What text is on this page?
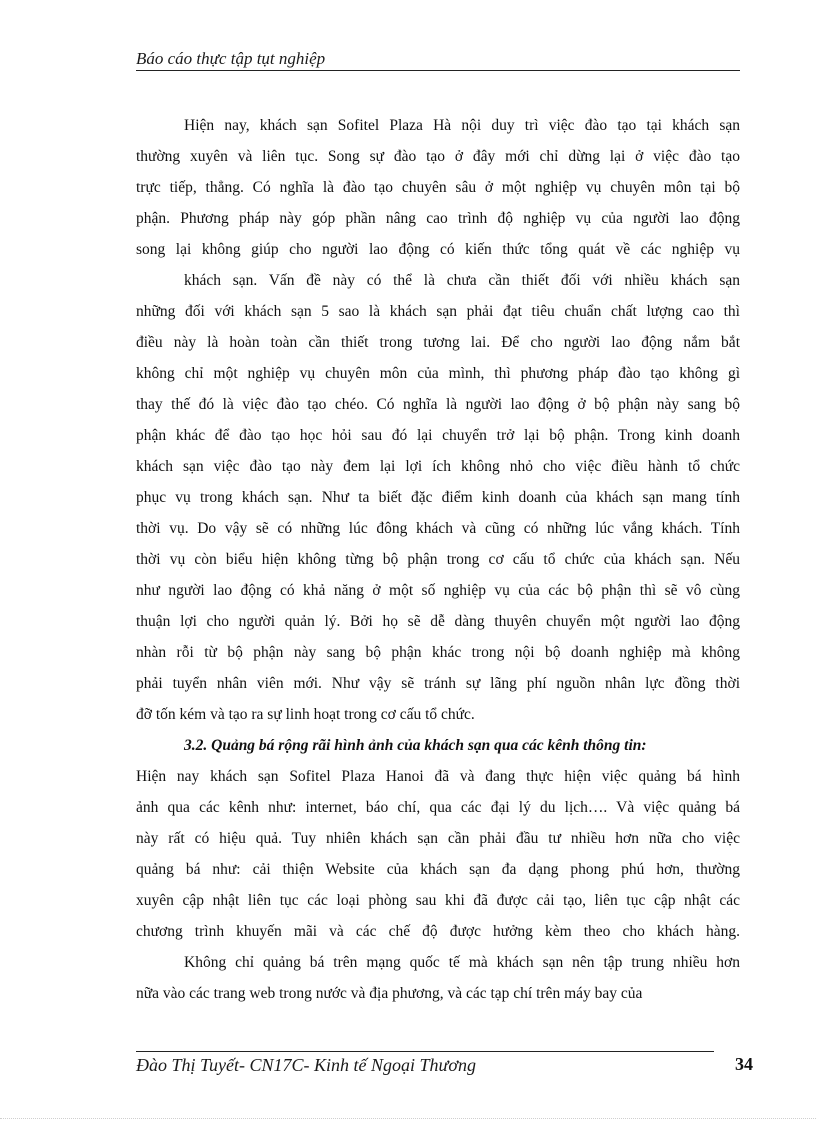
Báo cáo thực tập tụt nghiệp
Hiện nay, khách sạn Sofitel Plaza Hà nội duy trì việc đào tạo tại khách sạn
thường xuyên và liên tục. Song sự đào tạo ở đây mới chỉ dừng lại ở việc đào tạo
trực tiếp, thẳng. Có nghĩa là đào tạo chuyên sâu ở một nghiệp vụ chuyên môn tại bộ
phận. Phương pháp này góp phần nâng cao trình độ nghiệp vụ của người lao động
song lại không giúp cho người lao động có kiến thức tổng quát về các nghiệp vụ
khách sạn. Vấn đề này có thể là chưa cần thiết đối với nhiều khách sạn
những đối với khách sạn 5 sao là khách sạn phải đạt tiêu chuẩn chất lượng cao thì
điều này là hoàn toàn cần thiết trong tương lai. Để cho người lao động nắm bắt
không chỉ một nghiệp vụ chuyên môn của mình, thì phương pháp đào tạo không gì
thay thế đó là việc đào tạo chéo. Có nghĩa là người lao động ở bộ phận này sang bộ
phận khác để đào tạo học hỏi sau đó lại chuyển trở lại bộ phận. Trong kinh doanh
khách sạn việc đào tạo này đem lại lợi ích không nhỏ cho việc điều hành tổ chức
phục vụ trong khách sạn. Như ta biết đặc điểm kinh doanh của khách sạn mang tính
thời vụ. Do vậy sẽ có những lúc đông khách và cũng có những lúc vắng khách. Tính
thời vụ còn biểu hiện không từng bộ phận trong cơ cấu tổ chức của khách sạn. Nếu
như người lao động có khả năng ở một số nghiệp vụ của các bộ phận thì sẽ vô cùng
thuận lợi cho người quản lý. Bởi họ sẽ dễ dàng thuyên chuyển một người lao động
nhàn rỗi từ bộ phận này sang bộ phận khác trong nội bộ doanh nghiệp mà không
phải tuyển nhân viên mới. Như vậy sẽ tránh sự lãng phí nguồn nhân lực đồng thời
đỡ tốn kém và tạo ra sự linh hoạt trong cơ cấu tổ chức.
3.2. Quảng bá rộng rãi hình ảnh của khách sạn qua các kênh thông tin:
Hiện nay khách sạn Sofitel Plaza Hanoi đã và đang thực hiện việc quảng bá hình
ảnh qua các kênh như: internet, báo chí, qua các đại lý du lịch…. Và việc quảng bá
này rất có hiệu quả. Tuy nhiên khách sạn cần phải đầu tư nhiều hơn nữa cho việc
quảng bá như: cải thiện Website của khách sạn đa dạng phong phú hơn, thường
xuyên cập nhật liên tục các loại phòng sau khi đã được cải tạo, liên tục cập nhật các
chương trình khuyến mãi và các chế độ được hưởng kèm theo cho khách hàng.
Không chỉ quảng bá trên mạng quốc tế mà khách sạn nên tập trung nhiều hơn
nữa vào các trang web trong nước và địa phương, và các tạp chí trên máy bay của
Đào Thị Tuyết- CN17C- Kinh tế Ngoại Thương	34
